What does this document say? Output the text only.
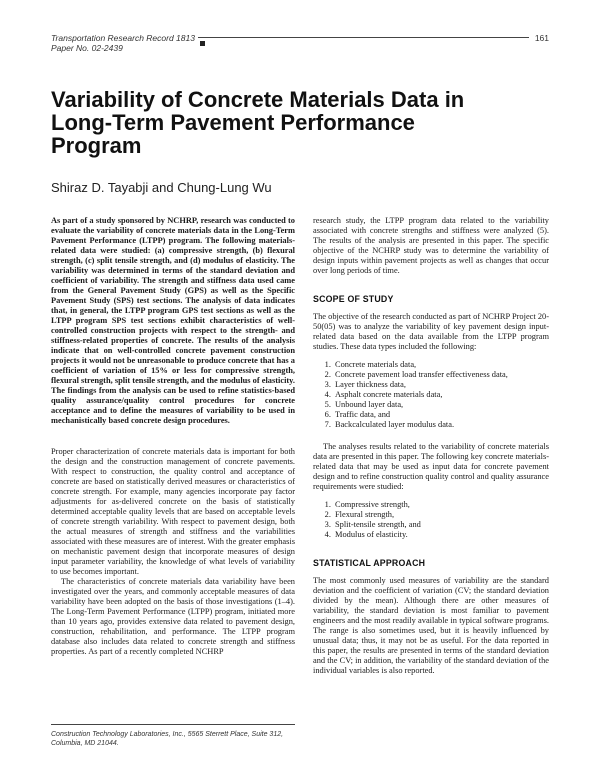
Transportation Research Record 1813
Paper No. 02-2439
161
Variability of Concrete Materials Data in Long-Term Pavement Performance Program

Shiraz D. Tayabji and Chung-Lung Wu

As part of a study sponsored by NCHRP, research was conducted to evaluate the variability of concrete materials data in the Long-Term Pavement Performance (LTPP) program. The following materials-related data were studied: (a) compressive strength, (b) flexural strength, (c) split tensile strength, and (d) modulus of elasticity. The variability was determined in terms of the standard deviation and coefficient of variability. The strength and stiffness data used came from the General Pavement Study (GPS) as well as the Specific Pavement Study (SPS) test sections. The analysis of data indicates that, in general, the LTPP program GPS test sections as well as the LTPP program SPS test sections exhibit characteristics of well-controlled construction projects with respect to the strength- and stiffness-related properties of concrete. The results of the analysis indicate that on well-controlled concrete pavement construction projects it would not be unreasonable to produce concrete that has a coefficient of variation of 15% or less for compressive strength, flexural strength, split tensile strength, and the modulus of elasticity. The findings from the analysis can be used to refine statistics-based quality assurance/quality control procedures for concrete acceptance and to define the measures of variability to be used in mechanistically based concrete design procedures.

Proper characterization of concrete materials data is important for both the design and the construction management of concrete pavements. With respect to construction, the quality control and acceptance of concrete are based on statistically derived measures or characteristics of concrete strength. For example, many agencies incorporate pay factor adjustments for as-delivered concrete on the basis of statistically determined acceptable quality levels that are based on acceptable levels of concrete strength variability. With respect to pavement design, both the actual measures of strength and stiffness and the variabilities associated with these measures are of interest. With the greater emphasis on mechanistic pavement design that incorporate measures of design input parameter variability, the knowledge of what levels of variability to use becomes important.

The characteristics of concrete materials data variability have been investigated over the years, and commonly acceptable measures of data variability have been adopted on the basis of those investigations (1–4). The Long-Term Pavement Performance (LTPP) program, initiated more than 10 years ago, provides extensive data related to pavement design, construction, rehabilitation, and performance. The LTPP program database also includes data related to concrete strength and stiffness properties. As part of a recently completed NCHRP

Construction Technology Laboratories, Inc., 5565 Sterrett Place, Suite 312, Columbia, MD 21044.

research study, the LTPP program data related to the variability associated with concrete strengths and stiffness were analyzed (5). The results of the analysis are presented in this paper. The specific objective of the NCHRP study was to determine the variability of design inputs within pavement projects as well as changes that occur over long periods of time.

SCOPE OF STUDY

The objective of the research conducted as part of NCHRP Project 20-50(05) was to analyze the variability of key pavement design input-related data based on the data available from the LTPP program studies. These data types included the following:

1. Concrete materials data,
2. Concrete pavement load transfer effectiveness data,
3. Layer thickness data,
4. Asphalt concrete materials data,
5. Unbound layer data,
6. Traffic data, and
7. Backcalculated layer modulus data.

The analyses results related to the variability of concrete materials data are presented in this paper. The following key concrete materials-related data that may be used as input data for concrete pavement design and to refine construction quality control and quality assurance requirements were studied:

1. Compressive strength,
2. Flexural strength,
3. Split-tensile strength, and
4. Modulus of elasticity.
STATISTICAL APPROACH

The most commonly used measures of variability are the standard deviation and the coefficient of variation (CV; the standard deviation divided by the mean). Although there are other measures of variability, the standard deviation is most familiar to pavement engineers and the most readily available in typical software programs. The range is also sometimes used, but it is heavily influenced by unusual data; thus, it may not be as useful. For the data reported in this paper, the results are presented in terms of the standard deviation and the CV; in addition, the variability of the standard deviation of the individual variables is also reported.
